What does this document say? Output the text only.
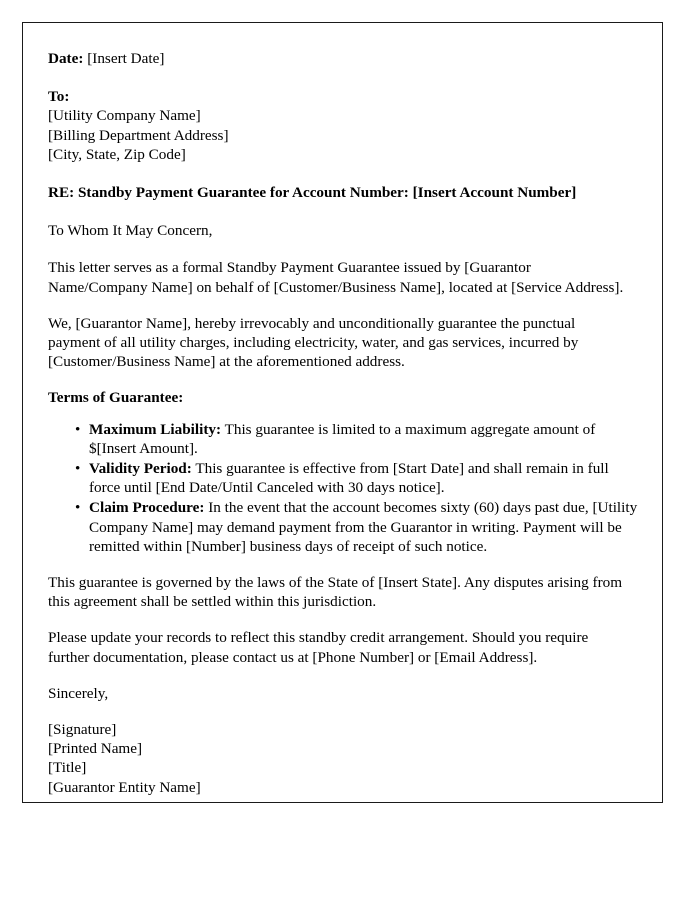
Date: [Insert Date]
To:
[Utility Company Name]
[Billing Department Address]
[City, State, Zip Code]
RE: Standby Payment Guarantee for Account Number: [Insert Account Number]
To Whom It May Concern,

This letter serves as a formal Standby Payment Guarantee issued by [Guarantor Name/Company Name] on behalf of [Customer/Business Name], located at [Service Address].

We, [Guarantor Name], hereby irrevocably and unconditionally guarantee the punctual payment of all utility charges, including electricity, water, and gas services, incurred by [Customer/Business Name] at the aforementioned address.

Terms of Guarantee:
• Maximum Liability: This guarantee is limited to a maximum aggregate amount of $[Insert Amount].
• Validity Period: This guarantee is effective from [Start Date] and shall remain in full force until [End Date/Until Canceled with 30 days notice].
• Claim Procedure: In the event that the account becomes sixty (60) days past due, [Utility Company Name] may demand payment from the Guarantor in writing. Payment will be remitted within [Number] business days of receipt of such notice.

This guarantee is governed by the laws of the State of [Insert State]. Any disputes arising from this agreement shall be settled within this jurisdiction.

Please update your records to reflect this standby credit arrangement. Should you require further documentation, please contact us at [Phone Number] or [Email Address].

Sincerely,
[Signature]
[Printed Name]
[Title]
[Guarantor Entity Name]
